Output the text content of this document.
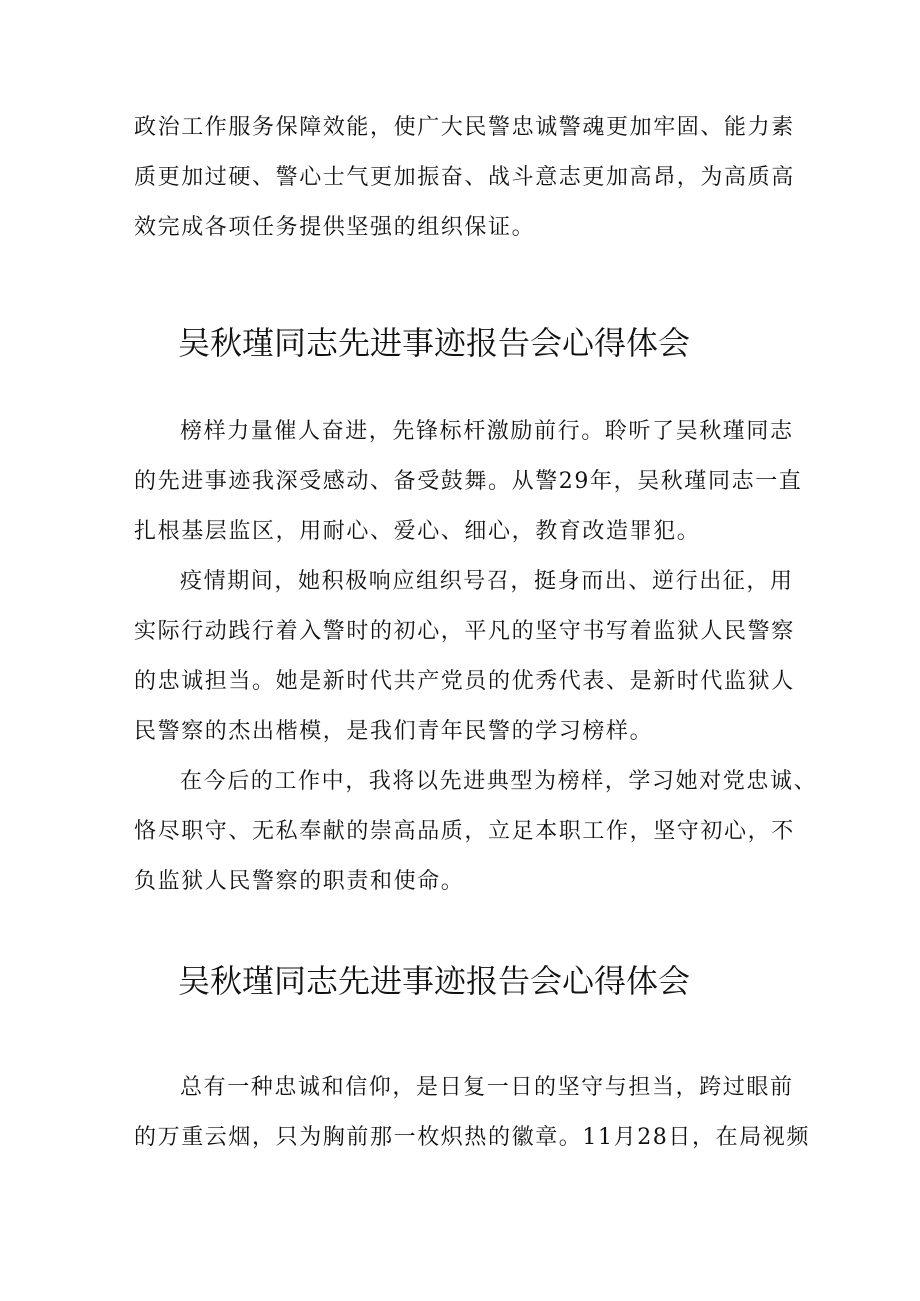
政治工作服务保障效能，使广大民警忠诚警魂更加牢固、能力素
质更加过硬、警心士气更加振奋、战斗意志更加高昂，为高质高
效完成各项任务提供坚强的组织保证。
吴秋瑾同志先进事迹报告会心得体会
榜样力量催人奋进，先锋标杆激励前行。聆听了吴秋瑾同志
的先进事迹我深受感动、备受鼓舞。从警29年，吴秋瑾同志一直
扎根基层监区，用耐心、爱心、细心，教育改造罪犯。
疫情期间，她积极响应组织号召，挺身而出、逆行出征，用
实际行动践行着入警时的初心，平凡的坚守书写着监狱人民警察
的忠诚担当。她是新时代共产党员的优秀代表、是新时代监狱人
民警察的杰出楷模，是我们青年民警的学习榜样。
在今后的工作中，我将以先进典型为榜样，学习她对党忠诚、
恪尽职守、无私奉献的崇高品质，立足本职工作，坚守初心，不
负监狱人民警察的职责和使命。
吴秋瑾同志先进事迹报告会心得体会
总有一种忠诚和信仰，是日复一日的坚守与担当，跨过眼前
的万重云烟，只为胸前那一枚炽热的徽章。11月28日，在局视频
